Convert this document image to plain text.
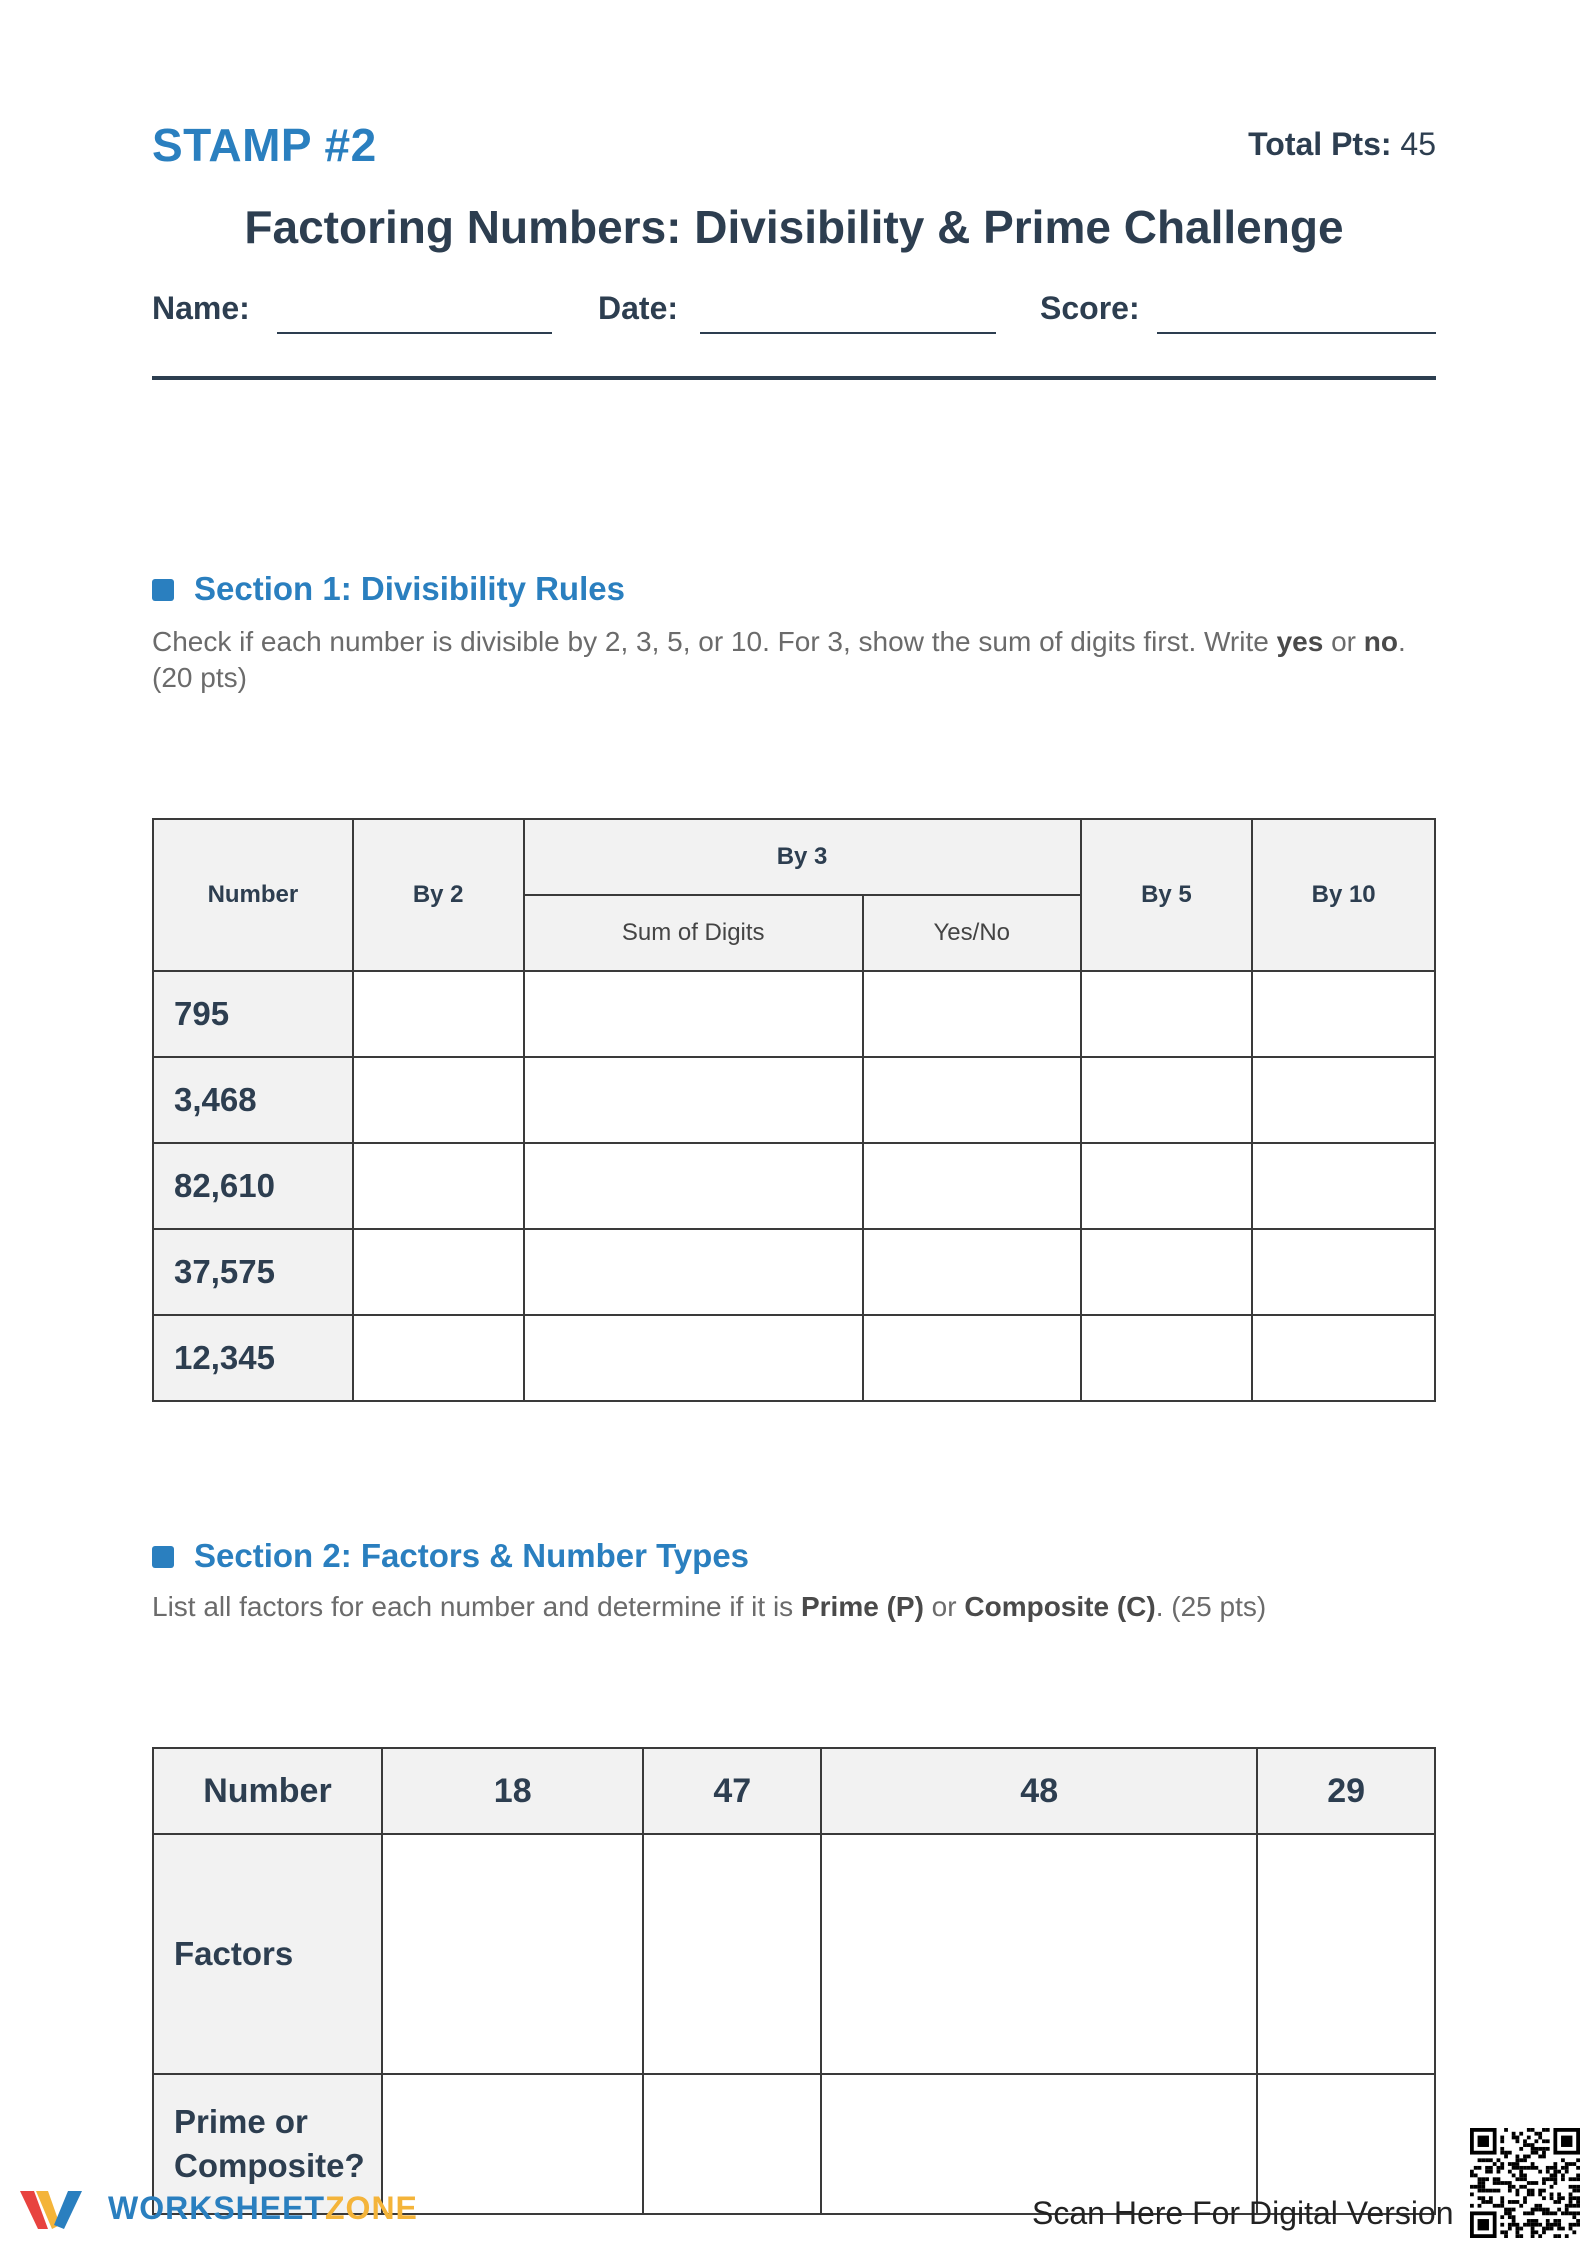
STAMP #2	Total Pts: 45
Factoring Numbers: Divisibility & Prime Challenge
Name:	Date:	Score:
Section 1: Divisibility Rules
Check if each number is divisible by 2, 3, 5, or 10. For 3, show the sum of digits first. Write yes or no. (20 pts)
Number	By 2	By 3		By 5	By 10
		Sum of Digits	Yes/No		
795					
3,468					
82,610					
37,575					
12,345					
Section 2: Factors & Number Types
List all factors for each number and determine if it is Prime (P) or Composite (C). (25 pts)
Number	18	47	48	29
Factors				

Prime or
Composite?				

WORKSHEETZONE	Scan Here For Digital Version
